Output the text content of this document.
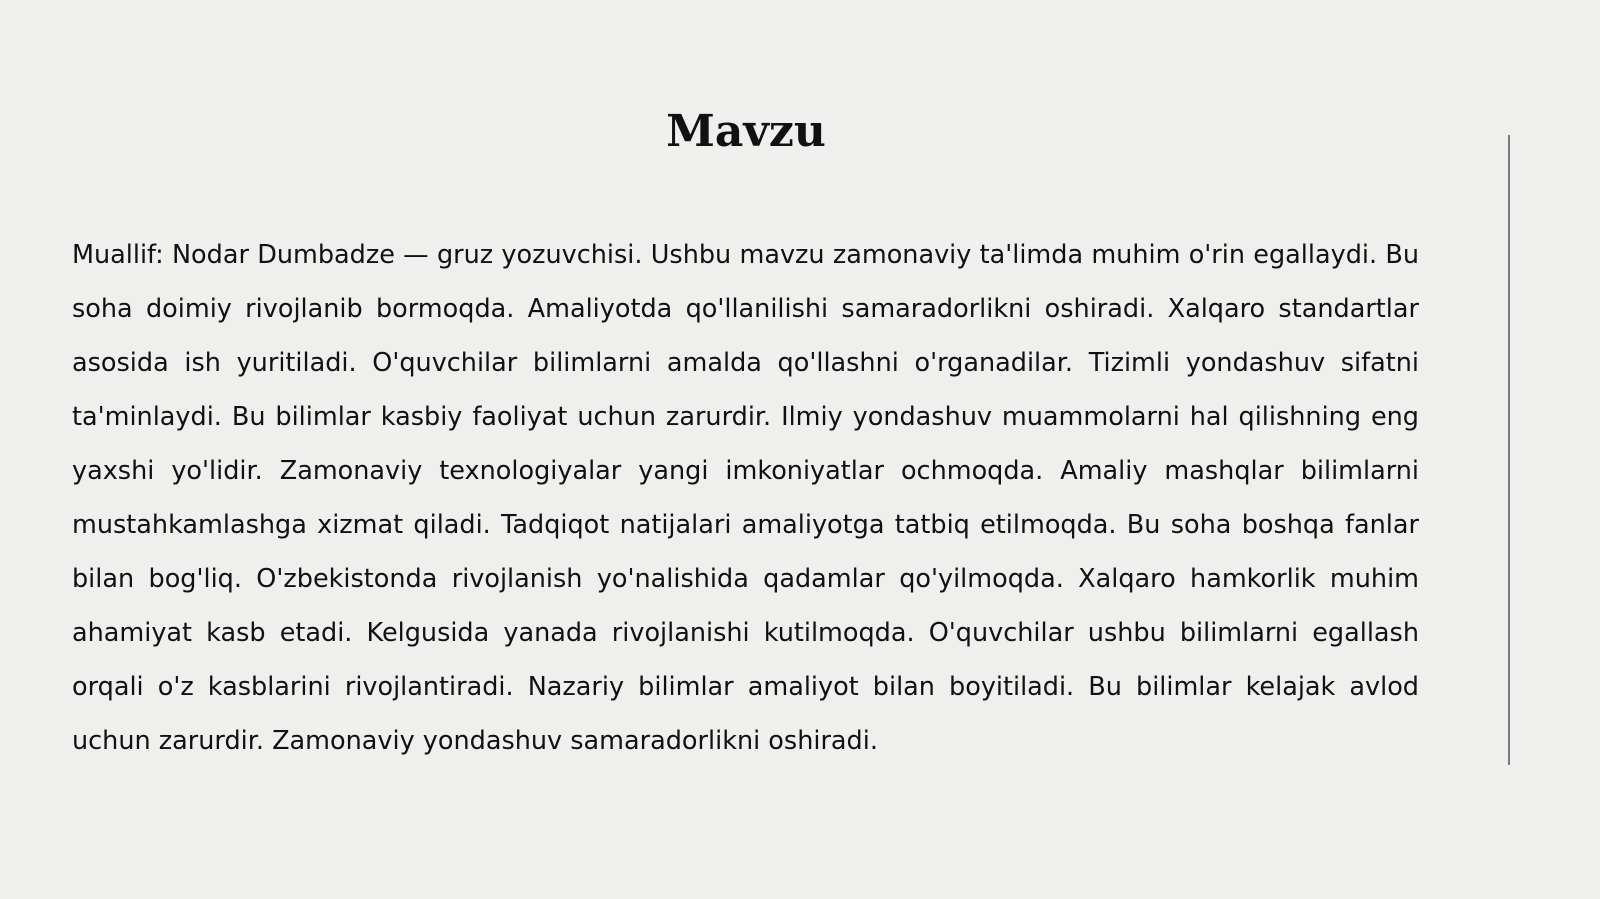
Mavzu

Muallif: Nodar Dumbadze — gruz yozuvchisi. Ushbu mavzu zamonaviy ta'limda muhim o'rin egallaydi. Bu soha doimiy rivojlanib bormoqda. Amaliyotda qo'llanilishi samaradorlikni oshiradi. Xalqaro standartlar asosida ish yuritiladi. O'quvchilar bilimlarni amalda qo'llashni o'rganadilar. Tizimli yondashuv sifatni ta'minlaydi. Bu bilimlar kasbiy faoliyat uchun zarurdir. Ilmiy yondashuv muammolarni hal qilishning eng yaxshi yo'lidir. Zamonaviy texnologiyalar yangi imkoniyatlar ochmoqda. Amaliy mashqlar bilimlarni mustahkamlashga xizmat qiladi. Tadqiqot natijalari amaliyotga tatbiq etilmoqda. Bu soha boshqa fanlar bilan bog'liq. O'zbekistonda rivojlanish yo'nalishida qadamlar qo'yilmoqda. Xalqaro hamkorlik muhim ahamiyat kasb etadi. Kelgusida yanada rivojlanishi kutilmoqda. O'quvchilar ushbu bilimlarni egallash orqali o'z kasblarini rivojlantiradi. Nazariy bilimlar amaliyot bilan boyitiladi. Bu bilimlar kelajak avlod uchun zarurdir. Zamonaviy yondashuv samaradorlikni oshiradi.
